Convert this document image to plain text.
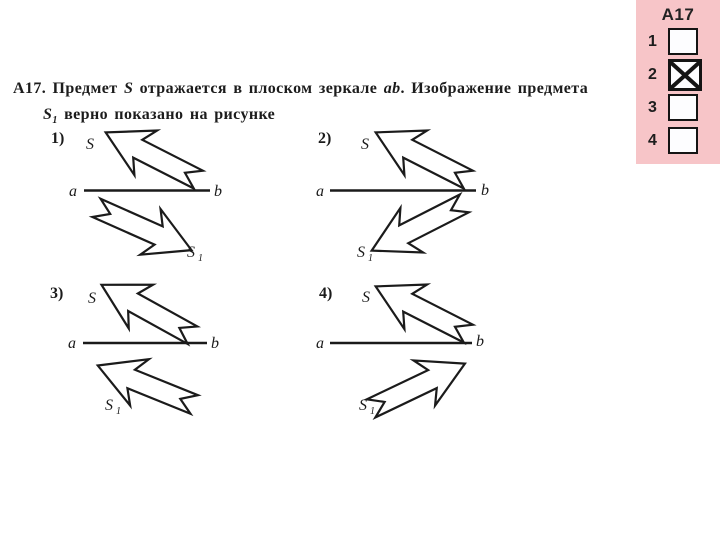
А17. Предмет S отражается в плоском зеркале ab. Изображение предмета
$S_1$ верно показано на рисунке
1) S
a	b
S 1
2) S
a	b
S 1
3) S
a	b
S 1
4) S
a	b
S 1
А17
1
2
3
4
